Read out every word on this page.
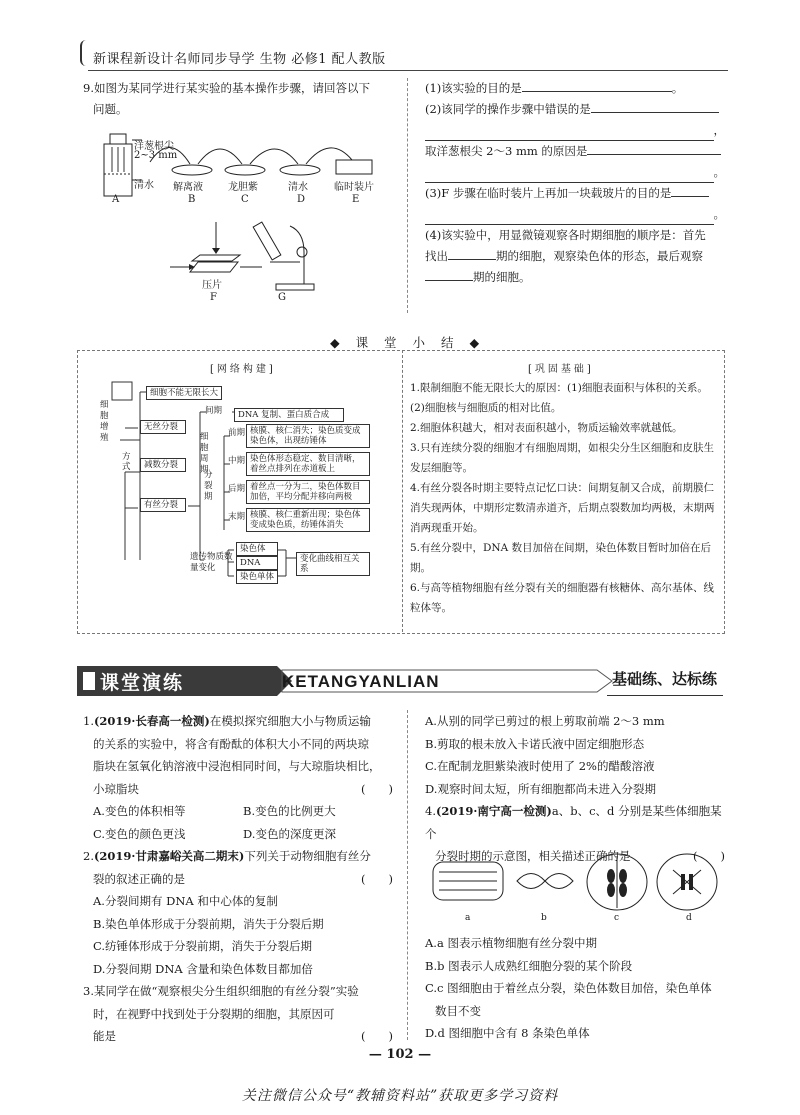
新课程新设计名师同步导学 生物 必修1 配人教版
9.如图为某同学进行某实验的基本操作步骤，请回答以下
问题。
洋葱根尖
2~3 mm
清水 解离液	龙胆紫	清水	临时装片
A	B	C	D	E
压片
F	G
(1)该实验的目的是	。
(2)该同学的操作步骤中错误的是
，
取洋葱根尖 2～3 mm 的原因是
。
(3)F 步骤在临时装片上再加一块载玻片的目的是
。
(4)该实验中，用显微镜观察各时期细胞的顺序是：首先
找出	期的细胞，观察染色体的形态，最后观察
期的细胞。
◆ 课 堂 小 结 ◆
[网络构建]	[巩固基础]
细胞增殖
细胞不能无限长大
方式
无丝分裂
减数分裂
有丝分裂
间期	DNA 复制、蛋白质合成
细胞周期
分裂期
前期 核膜、核仁消失；染色质变成染色体，出现纺锤体
中期 染色体形态稳定、数目清晰，着丝点排列在赤道板上
后期 着丝点一分为二，染色体数目加倍，平均分配并移向两极
末期 核膜、核仁重新出现；染色体变成染色质，纺锤体消失
遗传物质数量变化
染色体
DNA
染色单体
变化曲线相互关系
1.限制细胞不能无限长大的原因：(1)细胞表面积与体积的关系。(2)细胞核与细胞质的相对比值。
2.细胞体积越大，相对表面积越小，物质运输效率就越低。
3.只有连续分裂的细胞才有细胞周期，如根尖分生区细胞和皮肤生发层细胞等。
4.有丝分裂各时期主要特点记忆口诀：间期复制又合成，前期膜仁消失现两体，中期形定数清赤道齐，后期点裂数加均两极，末期两消两现重开始。
5.有丝分裂中，DNA 数目加倍在间期，染色体数目暂时加倍在后期。
6.与高等植物细胞有丝分裂有关的细胞器有核糖体、高尔基体、线粒体等。
课堂演练	KETANGYANLIAN	基础练、达标练
1.(2019·长春高一检测)在模拟探究细胞大小与物质运输
的关系的实验中，将含有酚酞的体积大小不同的两块琼
脂块在氢氧化钠溶液中浸泡相同时间，与大琼脂块相比，
小琼脂块	(　　)
A.变色的体积相等	B.变色的比例更大
C.变色的颜色更浅	D.变色的深度更深
2.(2019·甘肃嘉峪关高二期末)下列关于动物细胞有丝分
裂的叙述正确的是	(　　)
A.分裂间期有 DNA 和中心体的复制
B.染色单体形成于分裂前期，消失于分裂后期
C.纺锤体形成于分裂前期，消失于分裂后期
D.分裂间期 DNA 含量和染色体数目都加倍
3.某同学在做“观察根尖分生组织细胞的有丝分裂”实验
时，在视野中找到处于分裂期的细胞，其原因可
能是	(　　)
A.从别的同学已剪过的根上剪取前端 2～3 mm
B.剪取的根未放入卡诺氏液中固定细胞形态
C.在配制龙胆紫染液时使用了 2%的醋酸溶液
D.观察时间太短，所有细胞都尚未进入分裂期
4.(2019·南宁高一检测)a、b、c、d 分别是某些体细胞某个
分裂时期的示意图，相关描述正确的是	(　　)
a	b	c	d
A.a 图表示植物细胞有丝分裂中期
B.b 图表示人成熟红细胞分裂的某个阶段
C.c 图细胞由于着丝点分裂，染色体数目加倍，染色单体
数目不变
D.d 图细胞中含有 8 条染色单体
— 102 —
关注微信公众号“教辅资料站”获取更多学习资料
